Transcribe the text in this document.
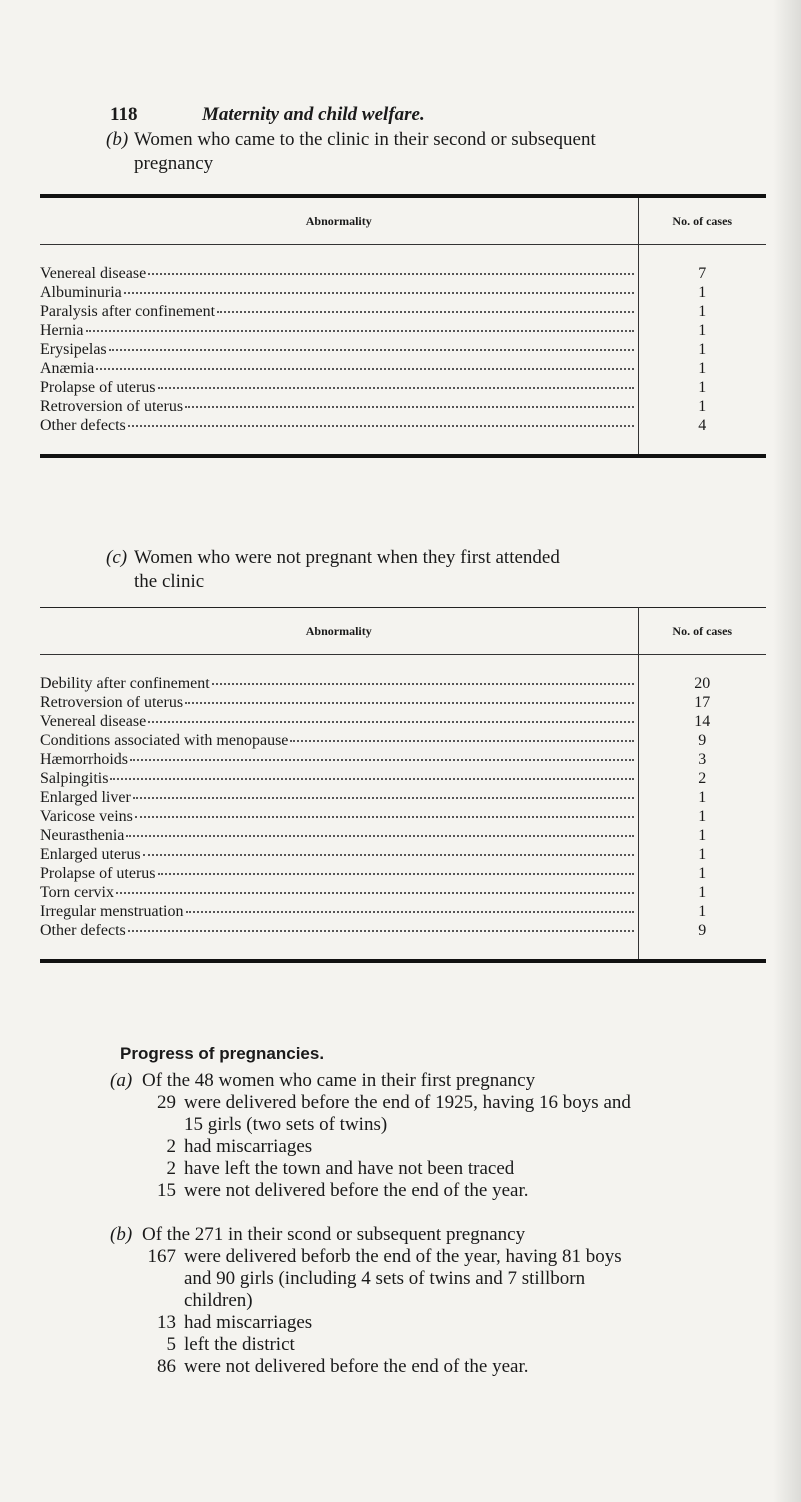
118	Maternity and child welfare.
(b) Women who came to the clinic in their second or subsequent
pregnancy
Abnormality	No. of cases

Venereal disease	7

Albuminuria	1

Paralysis after confinement	1

Hernia	1

Erysipelas	1

Anæmia	1

Prolapse of uterus	1

Retroversion of uterus	1

Other defects	4

(c) Women who were not pregnant when they first attended
the clinic
Abnormality	No. of cases

Debility after confinement	20

Retroversion of uterus	17

Venereal disease	14

Conditions associated with menopause	9

Hæmorrhoids	3

Salpingitis	2

Enlarged liver	1

Varicose veins	1

Neurasthenia	1

Enlarged uterus	1

Prolapse of uterus	1

Torn cervix	1

Irregular menstruation	1

Other defects	9

Progress of pregnancies.
(a) Of the 48 women who came in their first pregnancy
29 were delivered before the end of 1925, having 16 boys and
15 girls (two sets of twins)
2 had miscarriages
2 have left the town and have not been traced
15 were not delivered before the end of the year.
(b) Of the 271 in their scond or subsequent pregnancy
167 were delivered beforb the end of the year, having 81 boys
and 90 girls (including 4 sets of twins and 7 stillborn
children)
13 had miscarriages
5 left the district
86 were not delivered before the end of the year.
